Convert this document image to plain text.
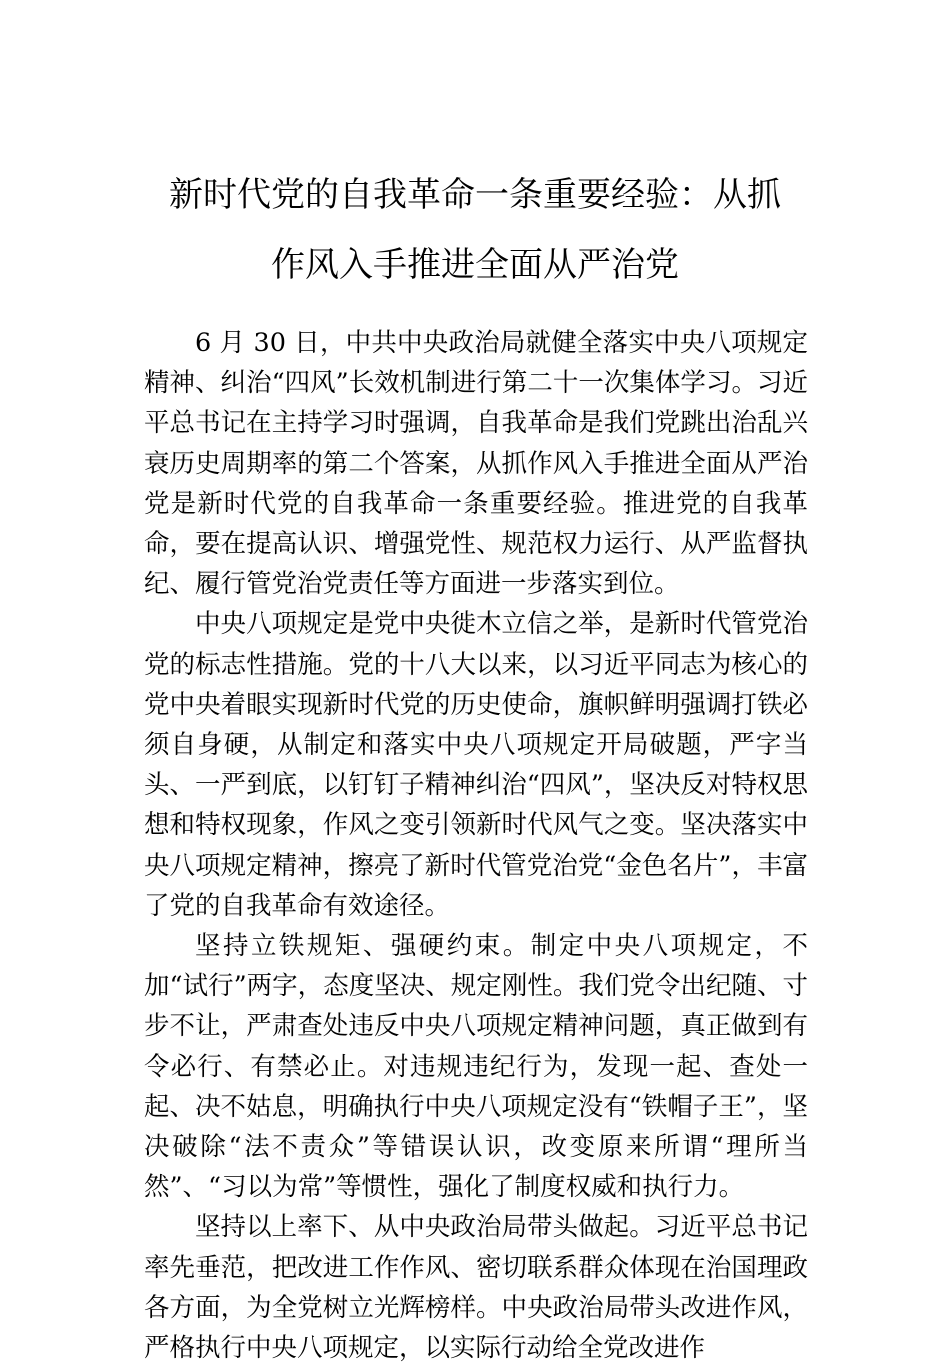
新时代党的自我革命一条重要经验：从抓
作风入手推进全面从严治党

6 月 30 日，中共中央政治局就健全落实中央八项规定精神、纠治“四风”长效机制进行第二十一次集体学习。习近平总书记在主持学习时强调，自我革命是我们党跳出治乱兴衰历史周期率的第二个答案，从抓作风入手推进全面从严治党是新时代党的自我革命一条重要经验。推进党的自我革命，要在提高认识、增强党性、规范权力运行、从严监督执纪、履行管党治党责任等方面进一步落实到位。

中央八项规定是党中央徙木立信之举，是新时代管党治党的标志性措施。党的十八大以来，以习近平同志为核心的党中央着眼实现新时代党的历史使命，旗帜鲜明强调打铁必须自身硬，从制定和落实中央八项规定开局破题，严字当头、一严到底，以钉钉子精神纠治“四风”，坚决反对特权思想和特权现象，作风之变引领新时代风气之变。坚决落实中央八项规定精神，擦亮了新时代管党治党“金色名片”，丰富了党的自我革命有效途径。

坚持立铁规矩、强硬约束。制定中央八项规定，不加“试行”两字，态度坚决、规定刚性。我们党令出纪随、寸步不让，严肃查处违反中央八项规定精神问题，真正做到有令必行、有禁必止。对违规违纪行为，发现一起、查处一起、决不姑息，明确执行中央八项规定没有“铁帽子王”，坚决破除“法不责众”等错误认识，改变原来所谓“理所当然”、“习以为常”等惯性，强化了制度权威和执行力。

坚持以上率下、从中央政治局带头做起。习近平总书记率先垂范，把改进工作作风、密切联系群众体现在治国理政各方面，为全党树立光辉榜样。中央政治局带头改进作风，严格执行中央八项规定，以实际行动给全党改进作
